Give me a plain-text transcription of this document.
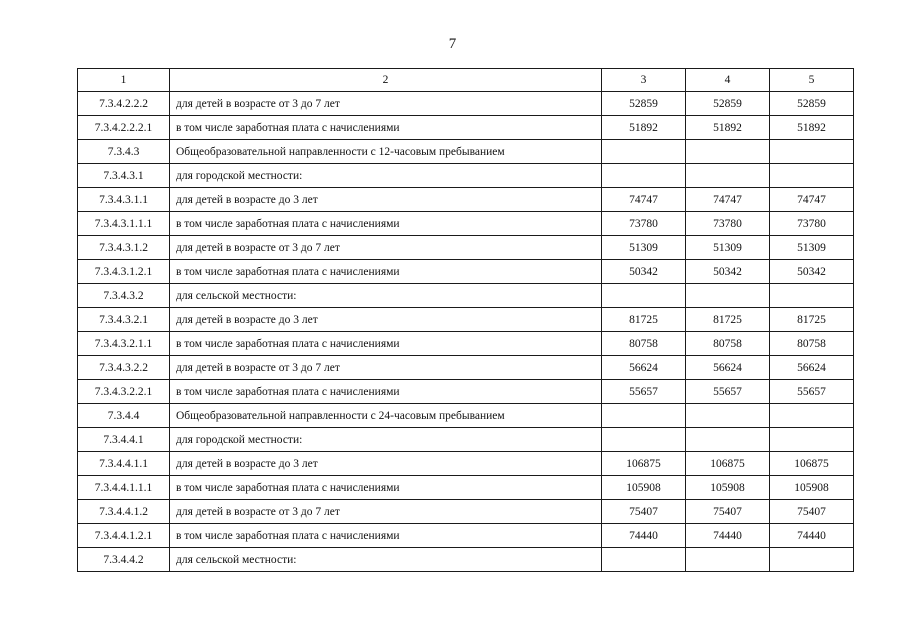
7
1	2	3	4	5
7.3.4.2.2.2	для детей в возрасте от 3 до 7 лет	52859	52859	52859
7.3.4.2.2.2.1	в том числе заработная плата с начислениями	51892	51892	51892
7.3.4.3	Общеобразовательной направленности с 12-часовым пребыванием			
7.3.4.3.1	для городской местности:			
7.3.4.3.1.1	для детей в возрасте до 3 лет	74747	74747	74747
7.3.4.3.1.1.1	в том числе заработная плата с начислениями	73780	73780	73780
7.3.4.3.1.2	для детей в возрасте от 3 до 7 лет	51309	51309	51309
7.3.4.3.1.2.1	в том числе заработная плата с начислениями	50342	50342	50342
7.3.4.3.2	для сельской местности:			
7.3.4.3.2.1	для детей в возрасте до 3 лет	81725	81725	81725
7.3.4.3.2.1.1	в том числе заработная плата с начислениями	80758	80758	80758
7.3.4.3.2.2	для детей в возрасте от 3 до 7 лет	56624	56624	56624
7.3.4.3.2.2.1	в том числе заработная плата с начислениями	55657	55657	55657
7.3.4.4	Общеобразовательной направленности с 24-часовым пребыванием			
7.3.4.4.1	для городской местности:			
7.3.4.4.1.1	для детей в возрасте до 3 лет	106875	106875	106875
7.3.4.4.1.1.1	в том числе заработная плата с начислениями	105908	105908	105908
7.3.4.4.1.2	для детей в возрасте от 3 до 7 лет	75407	75407	75407
7.3.4.4.1.2.1	в том числе заработная плата с начислениями	74440	74440	74440
7.3.4.4.2	для сельской местности:			
